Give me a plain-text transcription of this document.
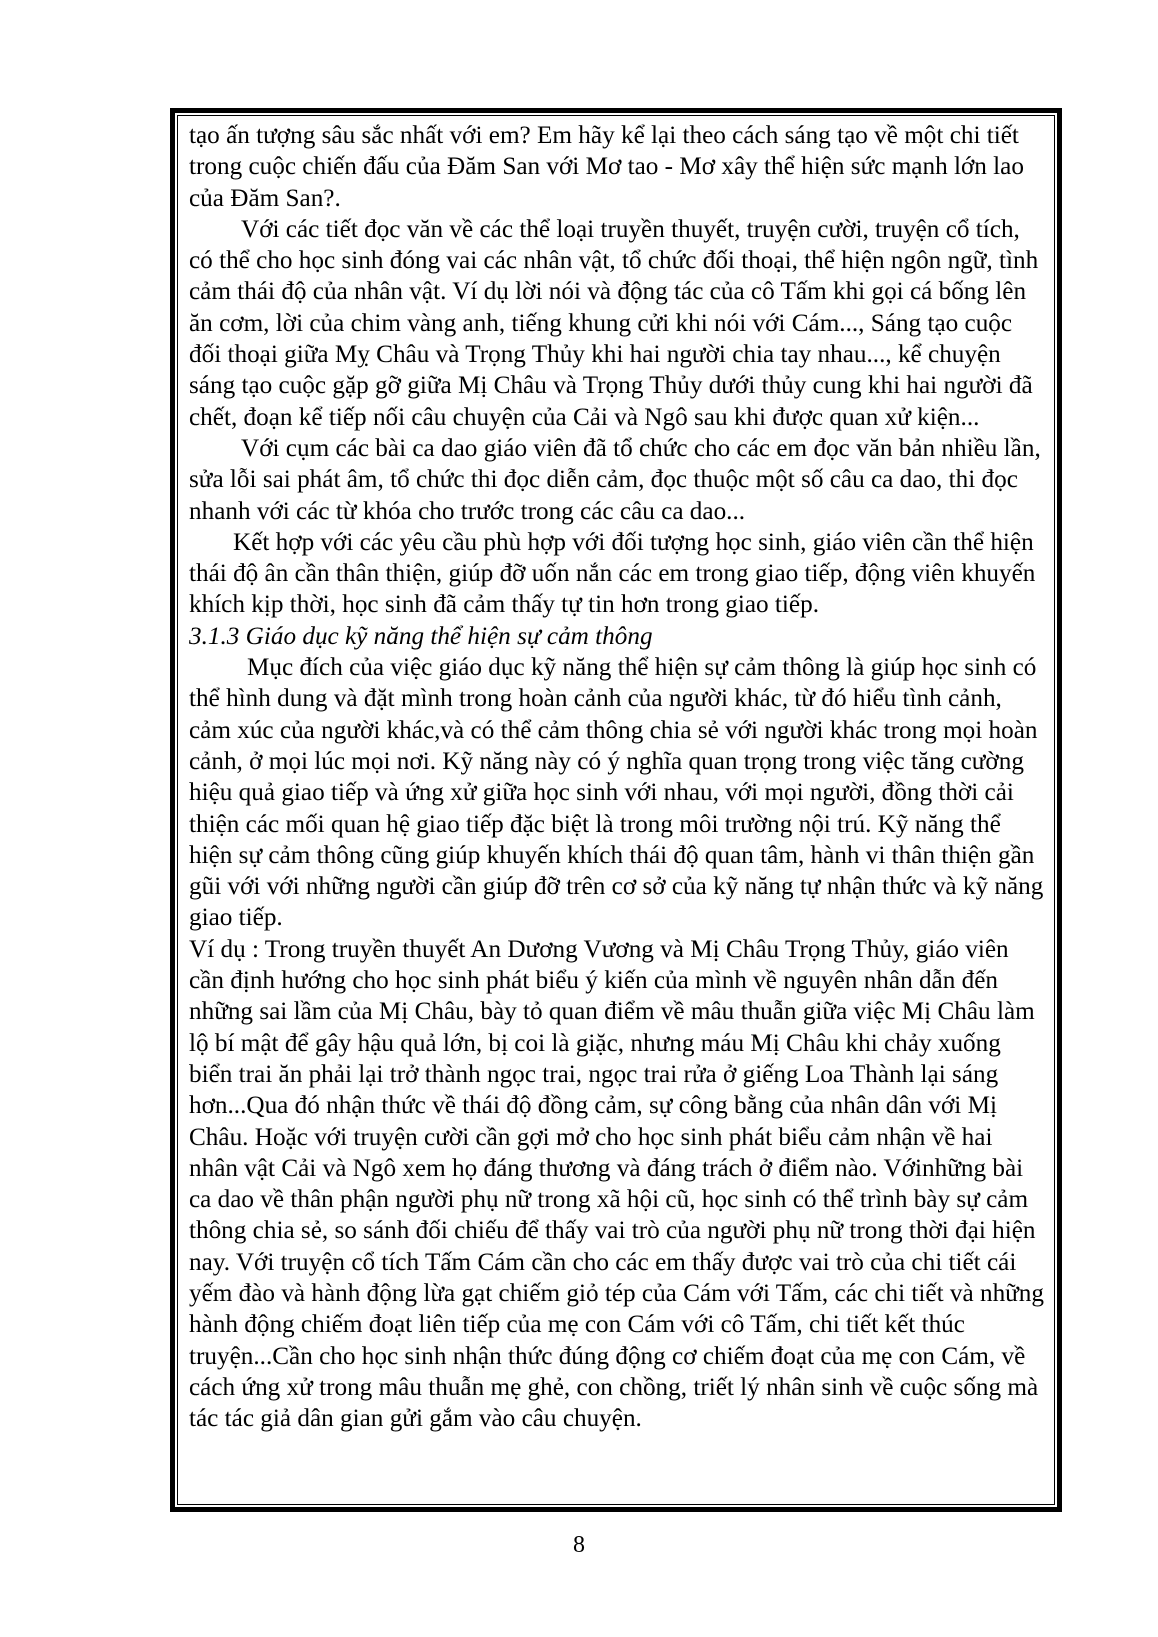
tạo ấn tượng sâu sắc nhất với em? Em hãy kể lại theo cách sáng tạo về một chi tiết trong cuộc chiến đấu của Đăm San với Mơ tao - Mơ xây thể hiện sức mạnh lớn lao của Đăm San?.

Với các tiết đọc văn về các thể loại truyền thuyết, truyện cười, truyện cổ tích, có thể cho học sinh đóng vai các nhân vật, tổ chức đối thoại, thể hiện ngôn ngữ, tình cảm thái độ của nhân vật. Ví dụ lời nói và động tác của cô Tấm khi gọi cá bống lên ăn cơm, lời của chim vàng anh, tiếng khung cửi khi nói với Cám..., Sáng tạo cuộc đối thoại giữa Mỵ Châu và Trọng Thủy khi hai người chia tay nhau..., kể chuyện sáng tạo cuộc gặp gỡ giữa Mị Châu và Trọng Thủy dưới thủy cung khi hai người đã chết, đoạn kể tiếp nối câu chuyện của Cải và Ngô sau khi được quan xử kiện...

Với cụm các bài ca dao giáo viên đã tổ chức cho các em đọc văn bản nhiều lần, sửa lỗi sai phát âm, tổ chức thi đọc diễn cảm, đọc thuộc một số câu ca dao, thi đọc nhanh với các từ khóa cho trước trong các câu ca dao...

Kết hợp với các yêu cầu phù hợp với đối tượng học sinh, giáo viên cần thể hiện thái độ ân cần thân thiện, giúp đỡ uốn nắn các em trong giao tiếp, động viên khuyến khích kịp thời, học sinh đã cảm thấy tự tin hơn trong giao tiếp.

3.1.3 Giáo dục kỹ năng thể hiện sự cảm thông

Mục đích của việc giáo dục kỹ năng thể hiện sự cảm thông là giúp học sinh có thể hình dung và đặt mình trong hoàn cảnh của người khác, từ đó hiểu tình cảnh, cảm xúc của người khác,và có thể cảm thông chia sẻ với người khác trong mọi hoàn cảnh, ở mọi lúc mọi nơi. Kỹ năng này có ý nghĩa quan trọng trong việc tăng cường hiệu quả giao tiếp và ứng xử giữa học sinh với nhau, với mọi người, đồng thời cải thiện các mối quan hệ giao tiếp đặc biệt là trong môi trường nội trú. Kỹ năng thể hiện sự cảm thông cũng giúp khuyến khích thái độ quan tâm, hành vi thân thiện gần gũi với với những người cần giúp đỡ trên cơ sở của kỹ năng tự nhận thức và kỹ năng giao tiếp.

Ví dụ : Trong truyền thuyết An Dương Vương và Mị Châu Trọng Thủy, giáo viên cần định hướng cho học sinh phát biểu ý kiến của mình về nguyên nhân dẫn đến những sai lầm của Mị Châu, bày tỏ quan điểm về mâu thuẫn giữa việc Mị Châu làm lộ bí mật để gây hậu quả lớn, bị coi là giặc, nhưng máu Mị Châu khi chảy xuống biển trai ăn phải lại trở thành ngọc trai, ngọc trai rửa ở giếng Loa Thành lại sáng hơn...Qua đó nhận thức về thái độ đồng cảm, sự công bằng của nhân dân với Mị Châu. Hoặc với truyện cười cần gợi mở cho học sinh phát biểu cảm nhận về hai nhân vật Cải và Ngô xem họ đáng thương và đáng trách ở điểm nào. Vớinhững bài ca dao về thân phận người phụ nữ trong xã hội cũ, học sinh có thể trình bày sự cảm thông chia sẻ, so sánh đối chiếu để thấy vai trò của người phụ nữ trong thời đại hiện nay. Với truyện cổ tích Tấm Cám cần cho các em thấy được vai trò của chi tiết cái yếm đào và hành động lừa gạt chiếm giỏ tép của Cám với Tấm, các chi tiết và những hành động chiếm đoạt liên tiếp của mẹ con Cám với cô Tấm, chi tiết kết thúc truyện...Cần cho học sinh nhận thức đúng động cơ chiếm đoạt của mẹ con Cám, về cách ứng xử trong mâu thuẫn mẹ ghẻ, con chồng, triết lý nhân sinh về cuộc sống mà tác tác giả dân gian gửi gắm vào câu chuyện.

8
